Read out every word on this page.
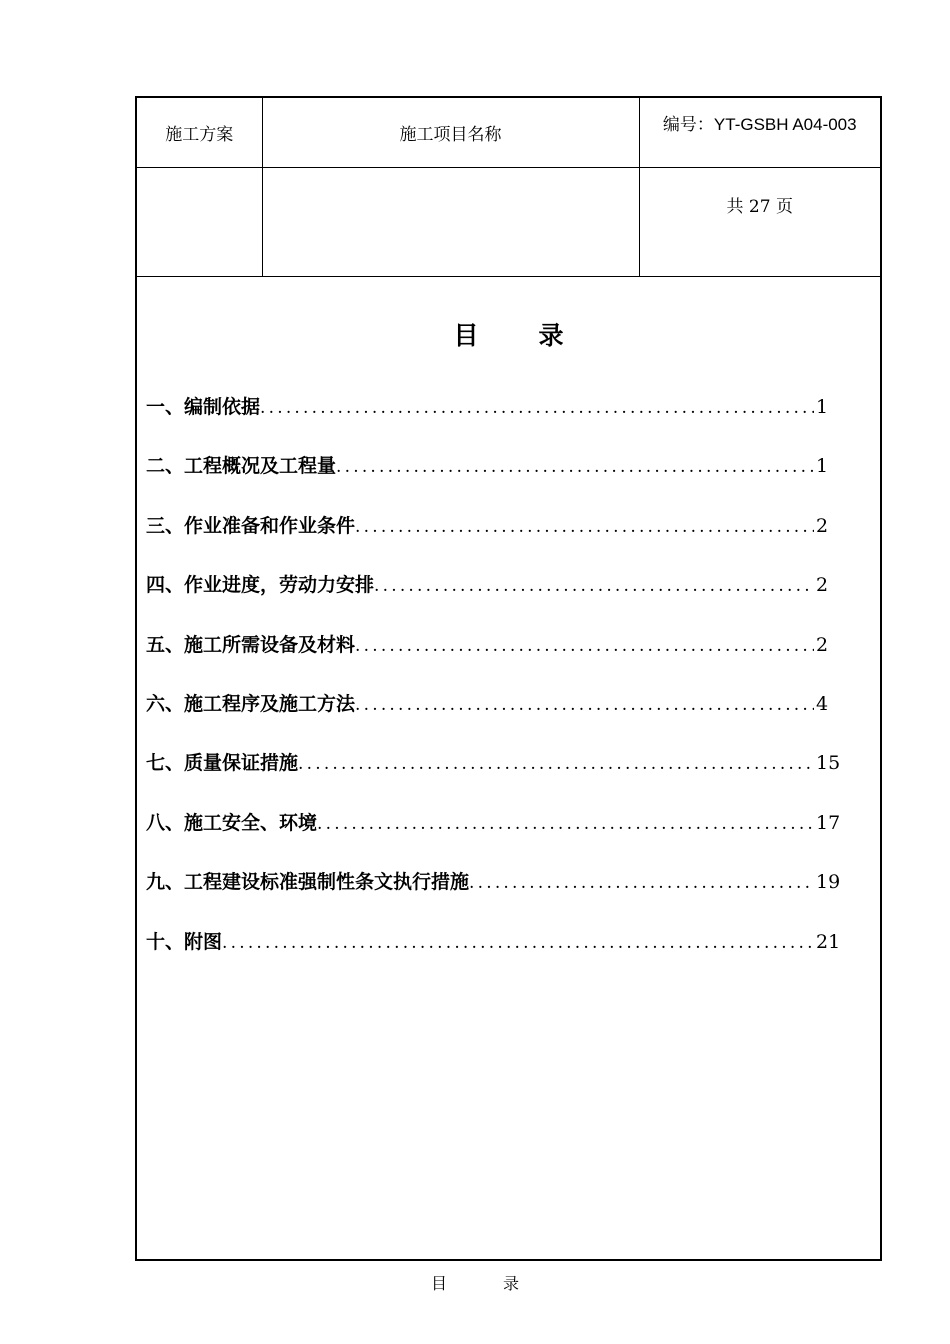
施工方案	施工项目名称	编号：YT-GSBH A04-003
		共 27 页
目 录
一、编制依据 .....	1
二、工程概况及工程量 .....	1
三、作业准备和作业条件 .....	2
四、作业进度，劳动力安排 .....	2
五、施工所需设备及材料 .....	2
六、施工程序及施工方法 .....	4
七、质量保证措施 .....	15
八、施工安全、环境 .....	17
九、工程建设标准强制性条文执行措施 .....	19
十、附图 .....	21
目	录
